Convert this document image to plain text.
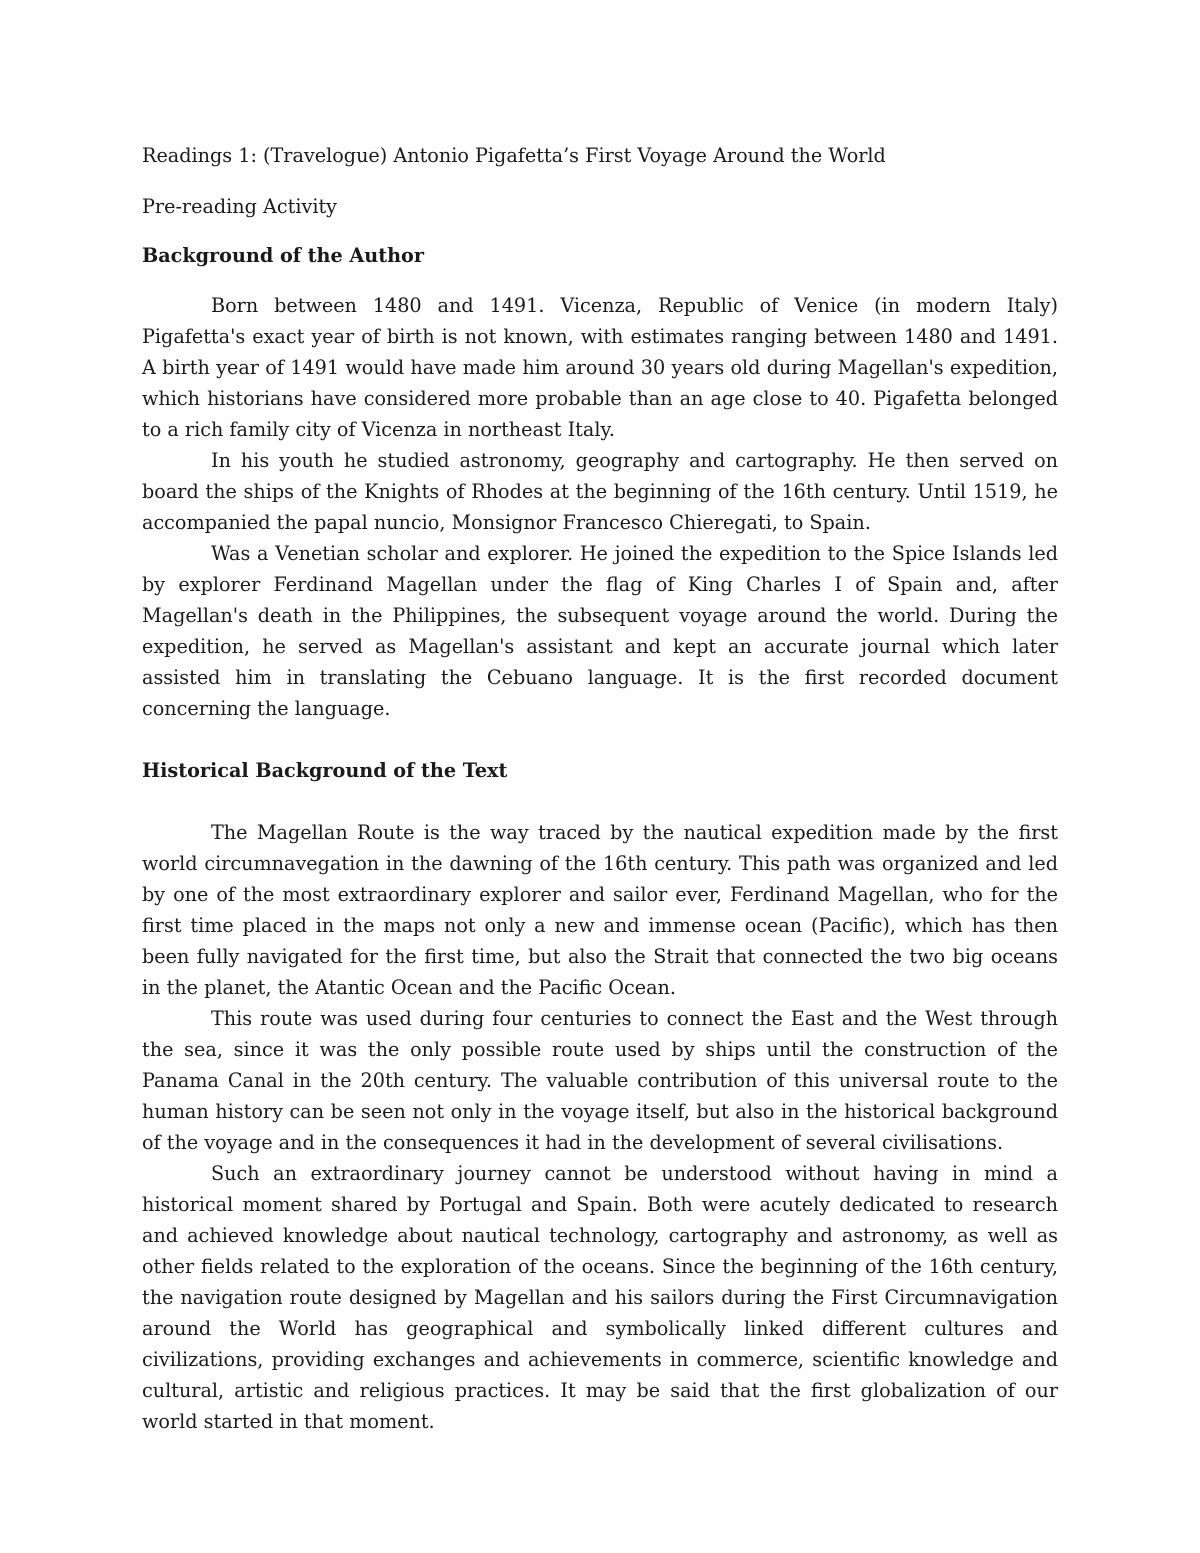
Readings 1: (Travelogue) Antonio Pigafetta’s First Voyage Around the World

Pre-reading Activity

Background of the Author

Born between 1480 and 1491. Vicenza, Republic of Venice (in modern Italy) Pigafetta's exact year of birth is not known, with estimates ranging between 1480 and 1491. A birth year of 1491 would have made him around 30 years old during Magellan's expedition, which historians have considered more probable than an age close to 40. Pigafetta belonged to a rich family city of Vicenza in northeast Italy.

In his youth he studied astronomy, geography and cartography. He then served on board the ships of the Knights of Rhodes at the beginning of the 16th century. Until 1519, he accompanied the papal nuncio, Monsignor Francesco Chieregati, to Spain.

Was a Venetian scholar and explorer. He joined the expedition to the Spice Islands led by explorer Ferdinand Magellan under the flag of King Charles I of Spain and, after Magellan's death in the Philippines, the subsequent voyage around the world. During the expedition, he served as Magellan's assistant and kept an accurate journal which later assisted him in translating the Cebuano language. It is the first recorded document concerning the language.

Historical Background of the Text

The Magellan Route is the way traced by the nautical expedition made by the first world circumnavegation in the dawning of the 16th century. This path was organized and led by one of the most extraordinary explorer and sailor ever, Ferdinand Magellan, who for the first time placed in the maps not only a new and immense ocean (Pacific), which has then been fully navigated for the first time, but also the Strait that connected the two big oceans in the planet, the Atantic Ocean and the Pacific Ocean.

This route was used during four centuries to connect the East and the West through the sea, since it was the only possible route used by ships until the construction of the Panama Canal in the 20th century. The valuable contribution of this universal route to the human history can be seen not only in the voyage itself, but also in the historical background of the voyage and in the consequences it had in the development of several civilisations.

Such an extraordinary journey cannot be understood without having in mind a historical moment shared by Portugal and Spain. Both were acutely dedicated to research and achieved knowledge about nautical technology, cartography and astronomy, as well as other fields related to the exploration of the oceans. Since the beginning of the 16th century, the navigation route designed by Magellan and his sailors during the First Circumnavigation around the World has geographical and symbolically linked different cultures and civilizations, providing exchanges and achievements in commerce, scientific knowledge and cultural, artistic and religious practices. It may be said that the first globalization of our world started in that moment.
